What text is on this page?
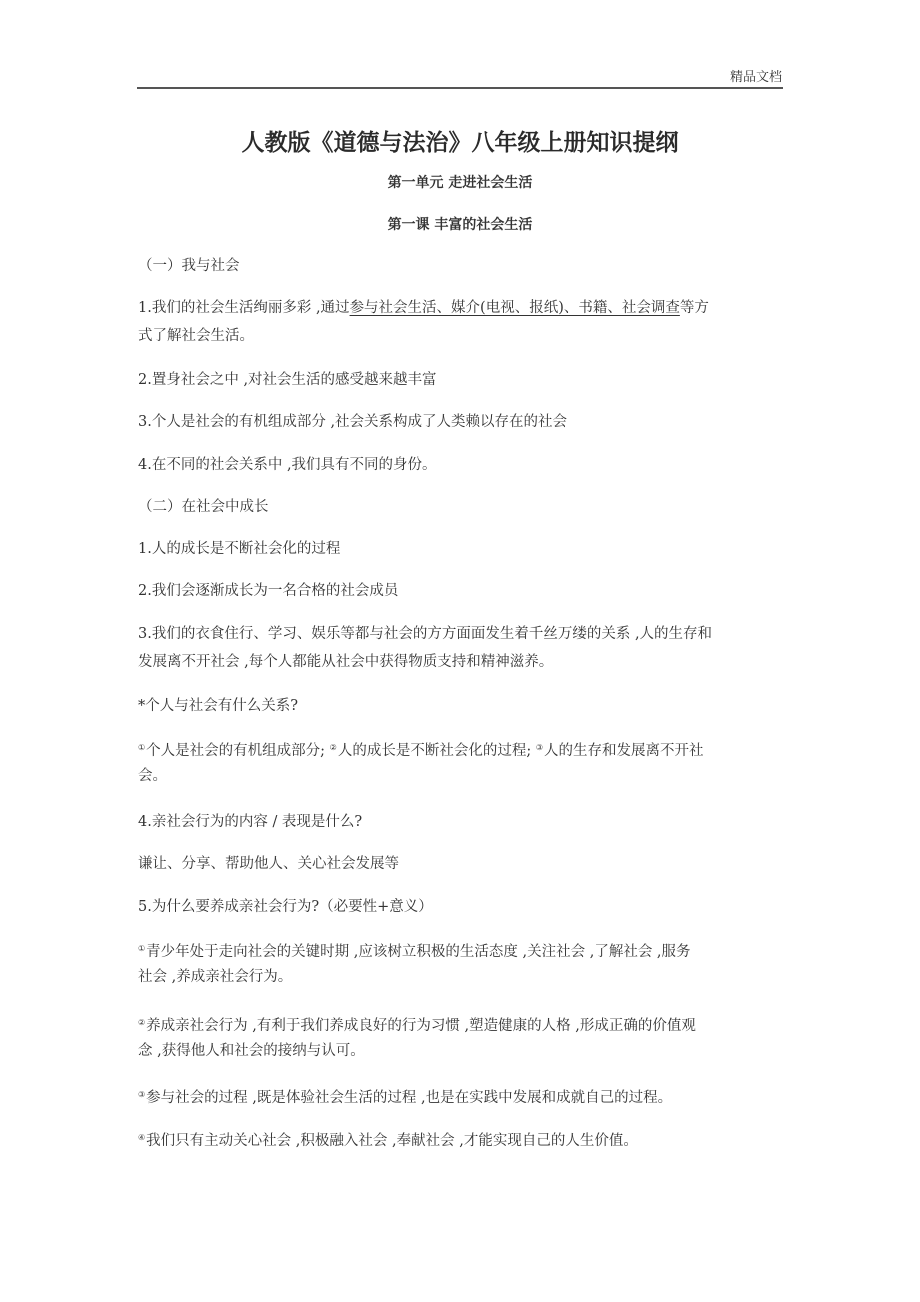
精品文档
人教版《道德与法治》八年级上册知识提纲
第一单元 走进社会生活
第一课 丰富的社会生活
（一）我与社会
1.我们的社会生活绚丽多彩 ,通过参与社会生活、媒介(电视、报纸)、书籍、社会调查等方
式了解社会生活。
2.置身社会之中 ,对社会生活的感受越来越丰富
3.个人是社会的有机组成部分 ,社会关系构成了人类赖以存在的社会
4.在不同的社会关系中 ,我们具有不同的身份。
（二）在社会中成长
1.人的成长是不断社会化的过程
2.我们会逐渐成长为一名合格的社会成员
3.我们的衣食住行、学习、娱乐等都与社会的方方面面发生着千丝万缕的关系 ,人的生存和
发展离不开社会 ,每个人都能从社会中获得物质支持和精神滋养。
*个人与社会有什么关系?
①个人是社会的有机组成部分; ②人的成长是不断社会化的过程; ③人的生存和发展离不开社
会。
4.亲社会行为的内容 / 表现是什么?
谦让、分享、帮助他人、关心社会发展等
5.为什么要养成亲社会行为?（必要性+意义）
①青少年处于走向社会的关键时期 ,应该树立积极的生活态度 ,关注社会 ,了解社会 ,服务
社会 ,养成亲社会行为。
②养成亲社会行为 ,有利于我们养成良好的行为习惯 ,塑造健康的人格 ,形成正确的价值观
念 ,获得他人和社会的接纳与认可。
③参与社会的过程 ,既是体验社会生活的过程 ,也是在实践中发展和成就自己的过程。
④我们只有主动关心社会 ,积极融入社会 ,奉献社会 ,才能实现自己的人生价值。
